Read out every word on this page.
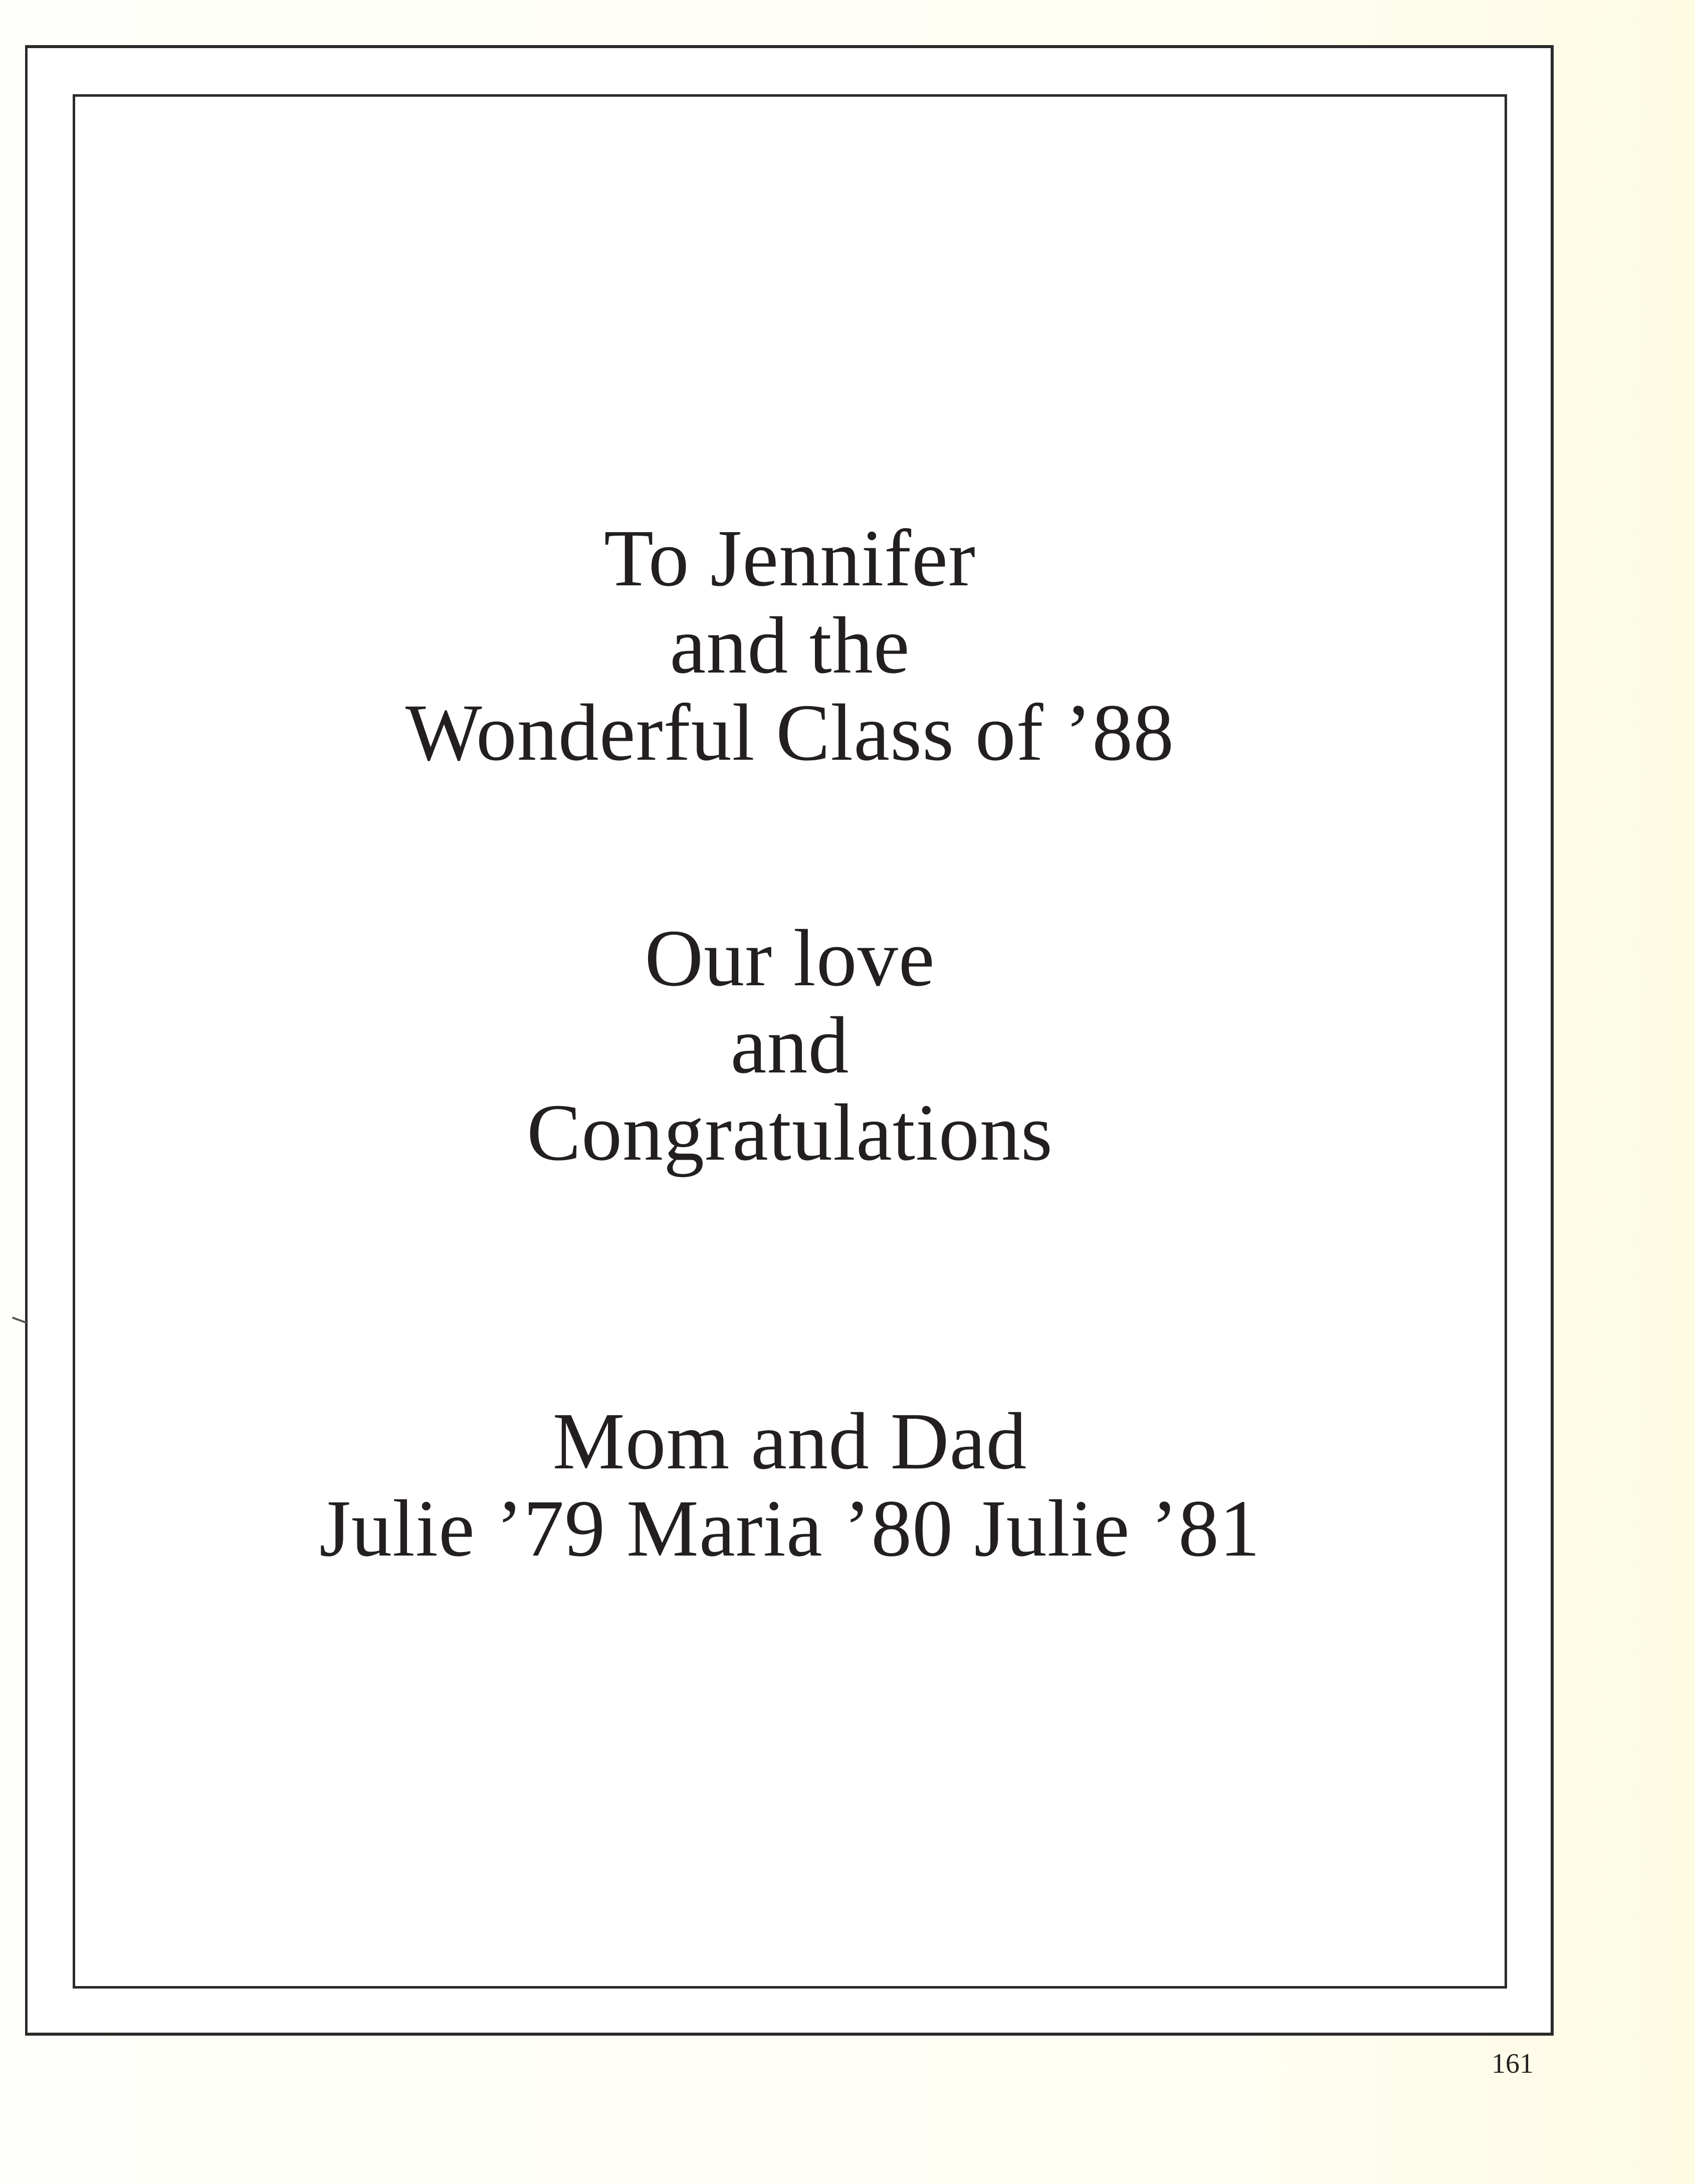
To Jennifer
and the
Wonderful Class of ’88
Our love
and
Congratulations
Mom and Dad
Julie ’79 Maria ’80 Julie ’81
161
